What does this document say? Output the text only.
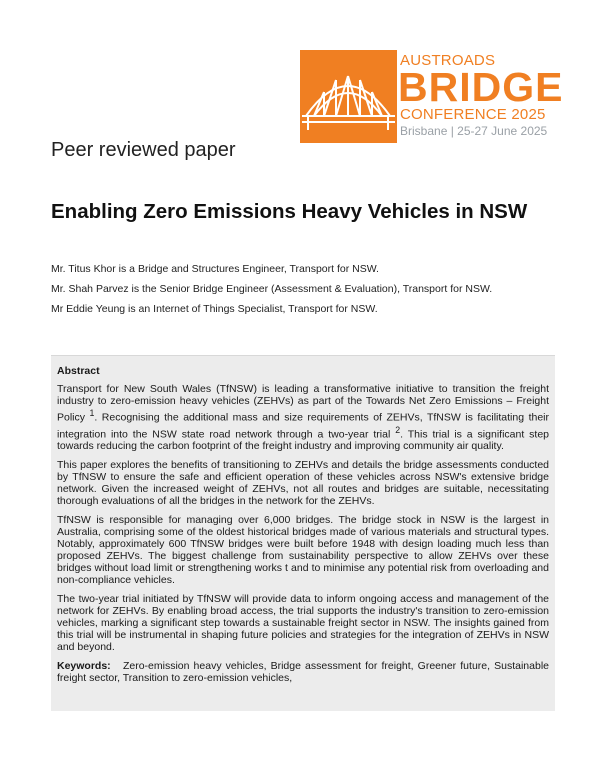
AUSTROADS
BRIDGE
CONFERENCE 2025
Brisbane | 25-27 June 2025
Peer reviewed paper
Enabling Zero Emissions Heavy Vehicles in NSW
Mr. Titus Khor is a Bridge and Structures Engineer, Transport for NSW.
Mr. Shah Parvez is the Senior Bridge Engineer (Assessment & Evaluation), Transport for NSW.
Mr Eddie Yeung is an Internet of Things Specialist, Transport for NSW.
Abstract

Transport for New South Wales (TfNSW) is leading a transformative initiative to transition the freight industry to zero-emission heavy vehicles (ZEHVs) as part of the Towards Net Zero Emissions – Freight Policy $^1$. Recognising the additional mass and size requirements of ZEHVs, TfNSW is facilitating their integration into the NSW state road network through a two-year trial $^2$. This trial is a significant step towards reducing the carbon footprint of the freight industry and improving community air quality.

This paper explores the benefits of transitioning to ZEHVs and details the bridge assessments conducted by TfNSW to ensure the safe and efficient operation of these vehicles across NSW's extensive bridge network. Given the increased weight of ZEHVs, not all routes and bridges are suitable, necessitating thorough evaluations of all the bridges in the network for the ZEHVs.

TfNSW is responsible for managing over 6,000 bridges. The bridge stock in NSW is the largest in Australia, comprising some of the oldest historical bridges made of various materials and structural types. Notably, approximately 600 TfNSW bridges were built before 1948 with design loading much less than proposed ZEHVs. The biggest challenge from sustainability perspective to allow ZEHVs over these bridges without load limit or strengthening works t and to minimise any potential risk from overloading and non-compliance vehicles.

The two-year trial initiated by TfNSW will provide data to inform ongoing access and management of the network for ZEHVs. By enabling broad access, the trial supports the industry's transition to zero-emission vehicles, marking a significant step towards a sustainable freight sector in NSW. The insights gained from this trial will be instrumental in shaping future policies and strategies for the integration of ZEHVs in NSW and beyond.

Keywords: Zero-emission heavy vehicles, Bridge assessment for freight, Greener future, Sustainable freight sector, Transition to zero-emission vehicles,
